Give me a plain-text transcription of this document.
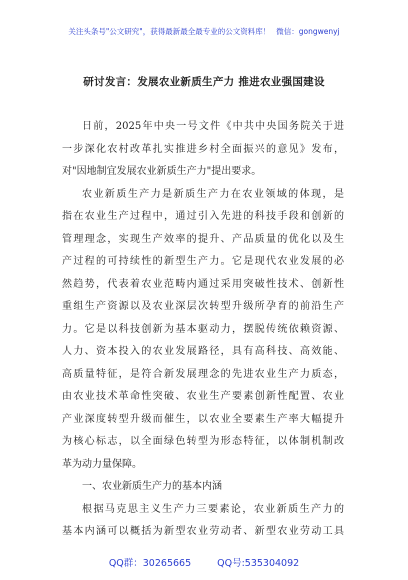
关注头条号"公文研究"，获得最新最全最专业的公文资料库！ 微信：gongwenyj
研讨发言：发展农业新质生产力 推进农业强国建设
日前，2025年中央一号文件《中共中央国务院关于进
一步深化农村改革扎实推进乡村全面振兴的意见》发布，
对"因地制宜发展农业新质生产力"提出要求。
农业新质生产力是新质生产力在农业领域的体现，是
指在农业生产过程中，通过引入先进的科技手段和创新的
管理理念，实现生产效率的提升、产品质量的优化以及生
产过程的可持续性的新型生产力。它是现代农业发展的必
然趋势，代表着农业范畴内通过采用突破性技术、创新性
重组生产资源以及农业深层次转型升级所孕育的前沿生产
力。它是以科技创新为基本驱动力，摆脱传统依赖资源、
人力、资本投入的农业发展路径，具有高科技、高效能、
高质量特征，是符合新发展理念的先进农业生产力质态，
由农业技术革命性突破、农业生产要素创新性配置、农业
产业深度转型升级而催生，以农业全要素生产率大幅提升
为核心标志，以全面绿色转型为形态特征，以体制机制改
革为动力量保障。
一、农业新质生产力的基本内涵
根据马克思主义生产力三要素论，农业新质生产力的
基本内涵可以概括为新型农业劳动者、新型农业劳动工具
QQ群：30265665	QQ号:535304092
